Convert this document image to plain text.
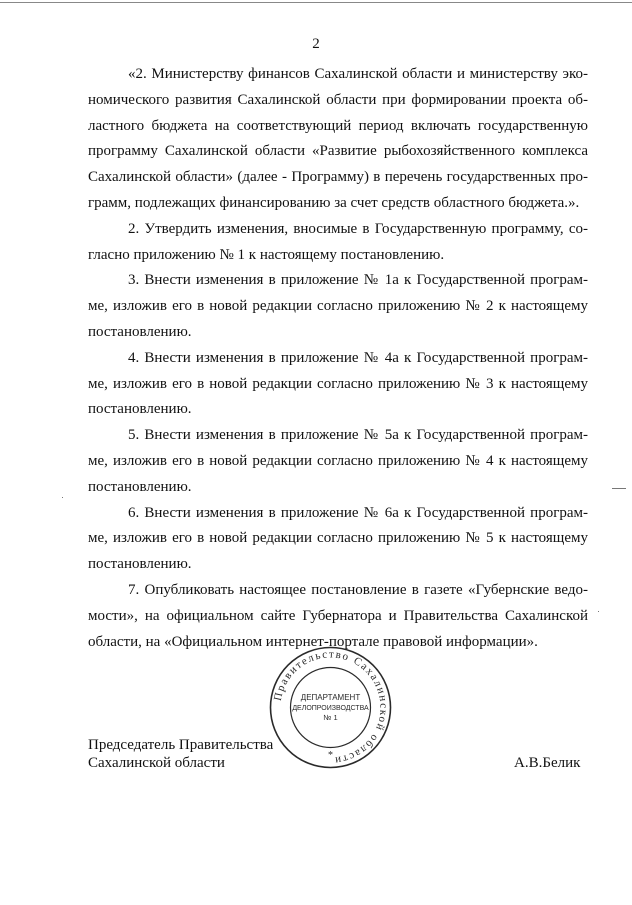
2

«2. Министерству финансов Сахалинской области и министерству экономического развития Сахалинской области при формировании проекта областного бюджета на соответствующий период включать государственную программу Сахалинской области «Развитие рыбохозяйственного комплекса Сахалинской области» (далее - Программу) в перечень государственных программ, подлежащих финансированию за счет средств областного бюджета.».

2. Утвердить изменения, вносимые в Государственную программу, согласно приложению № 1 к настоящему постановлению.

3. Внести изменения в приложение № 1а к Государственной программе, изложив его в новой редакции согласно приложению № 2 к настоящему постановлению.

4. Внести изменения в приложение № 4а к Государственной программе, изложив его в новой редакции согласно приложению № 3 к настоящему постановлению.

5. Внести изменения в приложение № 5а к Государственной программе, изложив его в новой редакции согласно приложению № 4 к настоящему постановлению.

6. Внести изменения в приложение № 6а к Государственной программе, изложив его в новой редакции согласно приложению № 5 к настоящему постановлению.

7. Опубликовать настоящее постановление в газете «Губернские ведомости», на официальном сайте Губернатора и Правительства Сахалинской области, на «Официальном интернет-портале правовой информации».

Правительство Сахалинской области
ДЕПАРТАМЕНТ
ДЕЛОПРОИЗВОДСТВА
№ 1
*
Председатель Правительства
Сахалинской области	А.В.Белик
